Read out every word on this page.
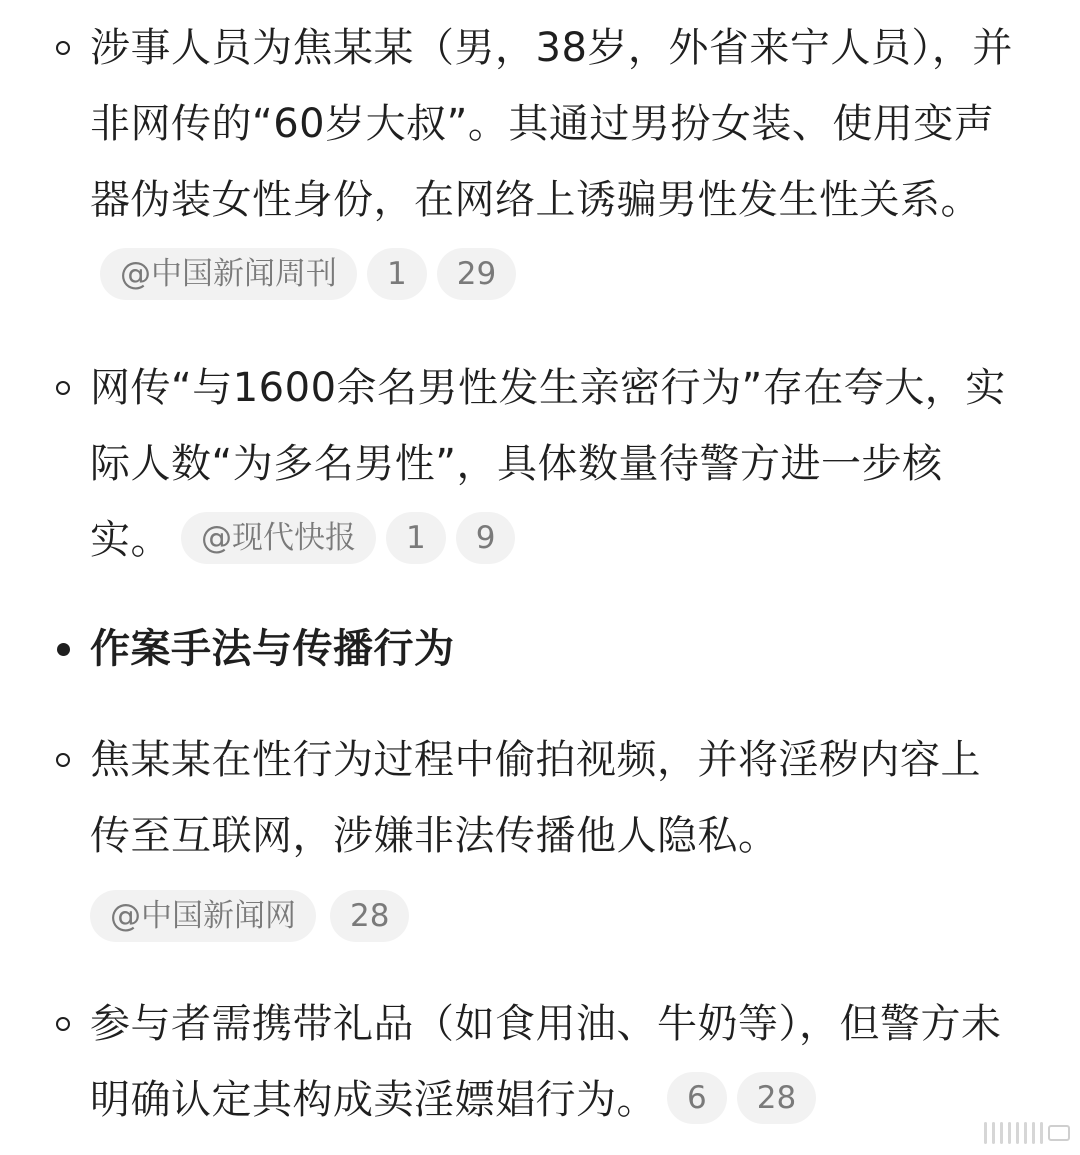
涉事人员为焦某某（男，38岁，外省来宁人员），并非网传的“60岁大叔”。其通过男扮女装、使用变声器伪装女性身份，在网络上诱骗男性发生性关系。@中国新闻周刊 1 29
网传“与1600余名男性发生亲密行为”存在夸大，实际人数“为多名男性”，具体数量待警方进一步核实。 @现代快报 1 9
作案手法与传播行为
焦某某在性行为过程中偷拍视频，并将淫秽内容上传至互联网，涉嫌非法传播他人隐私。
@中国新闻网 28
参与者需携带礼品（如食用油、牛奶等），但警方未明确认定其构成卖淫嫖娼行为。 6 28
